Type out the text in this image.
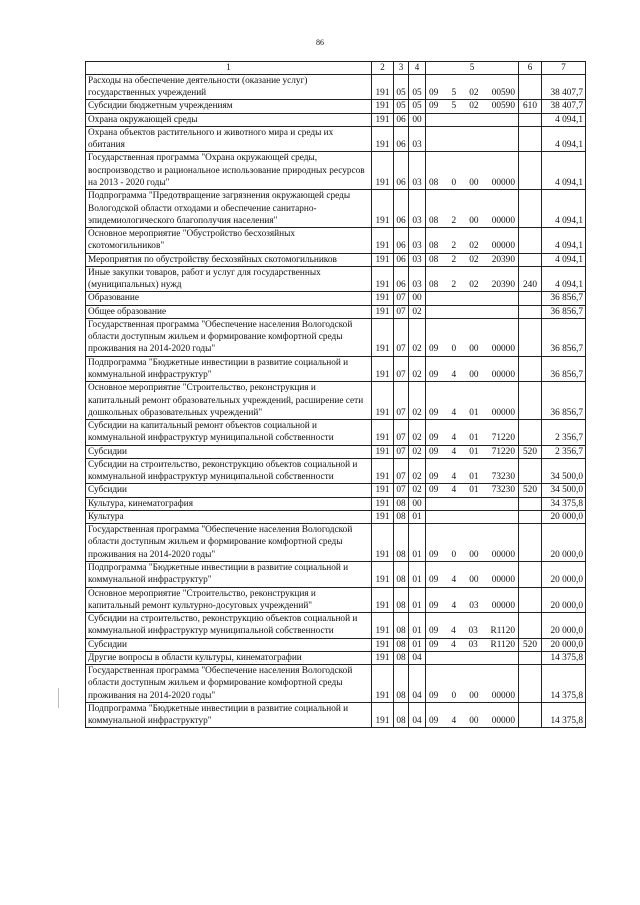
86
1	2	3	4	5	6	7
Расходы на обеспечение деятельности (оказание услуг) государственных учреждений	191	05	05	09 5 02 00590		38 407,7
Субсидии бюджетным учреждениям	191	05	05	09 5 02 00590	610	38 407,7
Охрана окружающей среды	191	06	00			4 094,1
Охрана объектов растительного и животного мира и среды их обитания	191	06	03			4 094,1
Государственная программа "Охрана окружающей среды, воспроизводство и рациональное использование природных ресурсов на 2013 - 2020 годы"	191	06	03	08 0 00 00000		4 094,1
Подпрограмма "Предотвращение загрязнения окружающей среды Вологодской области отходами и обеспечение санитарно-эпидемиологического благополучия населения"	191	06	03	08 2 00 00000		4 094,1
Основное мероприятие "Обустройство бесхозяйных скотомогильников"	191	06	03	08 2 02 00000		4 094,1
Мероприятия по обустройству бесхозяйных скотомогильников	191	06	03	08 2 02 20390		4 094,1
Иные закупки товаров, работ и услуг для государственных (муниципальных) нужд	191	06	03	08 2 02 20390	240	4 094,1
Образование	191	07	00			36 856,7
Общее образование	191	07	02			36 856,7
Государственная программа "Обеспечение населения Вологодской области доступным жильем и формирование комфортной среды проживания на 2014-2020 годы"	191	07	02	09 0 00 00000		36 856,7
Подпрограмма "Бюджетные инвестиции в развитие социальной и коммунальной инфраструктур"	191	07	02	09 4 00 00000		36 856,7
Основное мероприятие "Строительство, реконструкция и капитальный ремонт образовательных учреждений, расширение сети дошкольных образовательных учреждений"	191	07	02	09 4 01 00000		36 856,7
Субсидии на капитальный ремонт объектов социальной и коммунальной инфраструктур муниципальной собственности	191	07	02	09 4 01 71220		2 356,7
Субсидии	191	07	02	09 4 01 71220	520	2 356,7
Субсидии на строительство, реконструкцию объектов социальной и коммунальной инфраструктур муниципальной собственности	191	07	02	09 4 01 73230		34 500,0
Субсидии	191	07	02	09 4 01 73230	520	34 500,0
Культура, кинематография	191	08	00			34 375,8
Культура	191	08	01			20 000,0
Государственная программа "Обеспечение населения Вологодской области доступным жильем и формирование комфортной среды проживания на 2014-2020 годы"	191	08	01	09 0 00 00000		20 000,0
Подпрограмма "Бюджетные инвестиции в развитие социальной и коммунальной инфраструктур"	191	08	01	09 4 00 00000		20 000,0
Основное мероприятие "Строительство, реконструкция и капитальный ремонт культурно-досуговых учреждений"	191	08	01	09 4 03 00000		20 000,0
Субсидии на строительство, реконструкцию объектов социальной и коммунальной инфраструктур муниципальной собственности	191	08	01	09 4 03 R1120		20 000,0
Субсидии	191	08	01	09 4 03 R1120	520	20 000,0
Другие вопросы в области культуры, кинематографии	191	08	04			14 375,8
Государственная программа "Обеспечение населения Вологодской области доступным жильем и формирование комфортной среды проживания на 2014-2020 годы"	191	08	04	09 0 00 00000		14 375,8
Подпрограмма "Бюджетные инвестиции в развитие социальной и коммунальной инфраструктур"	191	08	04	09 4 00 00000		14 375,8
